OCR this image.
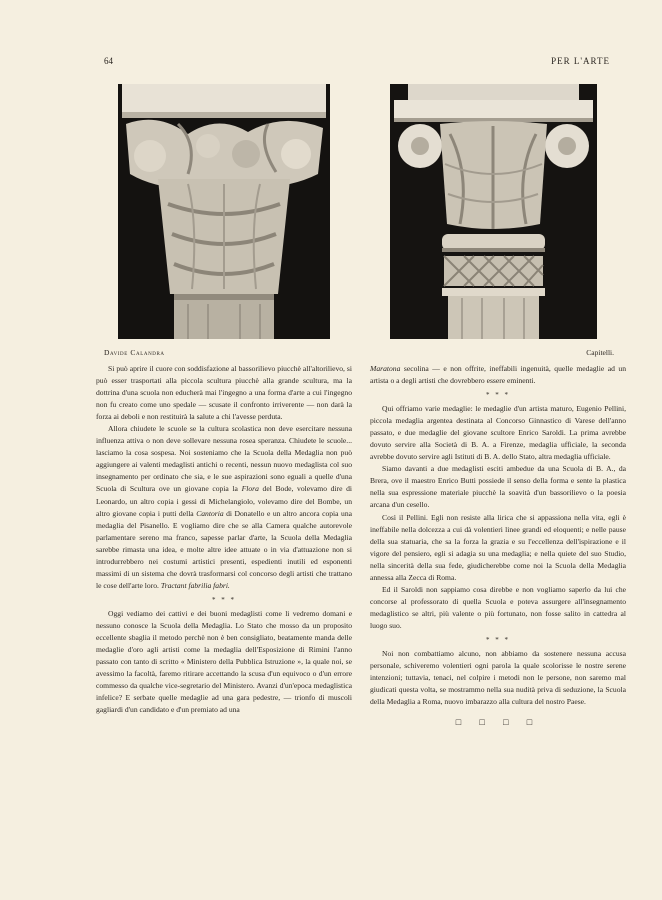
64	PER L'ARTE
Davide Calandra	Capitelli.

Si può aprire il cuore con soddisfazione al bassorilievo piucchè all'altorilievo, si può esser trasportati alla piccola scultura piucchè alla grande scultura, ma la dottrina d'una scuola non educherà mai l'ingegno a una forma d'arte a cui l'ingegno non fu creato come uno spedale — scusate il confronto irriverente — non darà la forza ai deboli e non restituirà la salute a chi l'avesse perduta.

Allora chiudete le scuole se la cultura scolastica non deve esercitare nessuna influenza attiva o non deve sollevare nessuna rosea speranza. Chiudete le scuole... lasciamo la cosa sospesa. Noi sosteniamo che la Scuola della Medaglia non può aggiungere ai valenti medaglisti antichi o recenti, nessun nuovo medaglista col suo insegnamento per ordinato che sia, e le sue aspirazioni sono eguali a quelle d'una Scuola di Scultura ove un giovane copia la Flora del Bode, volevamo dire di Leonardo, un altro copia i gessi di Michelangiolo, volevamo dire del Bombe, un altro giovane copia i putti della Cantoria di Donatello e un altro ancora copia una medaglia del Pisanello. E vogliamo dire che se alla Camera qualche autorevole parlamentare sereno ma franco, sapesse parlar d'arte, la Scuola della Medaglia sarebbe rimasta una idea, e molte altre idee attuate o in via d'attuazione non si introdurrebbero nei costumi artistici presenti, espedienti inutili ed esponenti massimi di un sistema che dovrà trasformarsi col concorso degli artisti che trattano le cose dell'arte loro. Tractant fabrilia fabri.

* * *

Oggi vediamo dei cattivi e dei buoni medaglisti come li vedremo domani e nessuno conosce la Scuola della Medaglia. Lo Stato che mosso da un proposito eccellente sbaglia il metodo perchè non è ben consigliato, beatamente manda delle medaglie d'oro agli artisti come la medaglia dell'Esposizione di Rimini l'anno passato con tanto di scritto « Ministero della Pubblica Istruzione », la quale noi, se avessimo la facoltà, faremo ritirare accettando la scusa d'un equivoco o d'un errore commesso da qualche vice-segretario del Ministero. Avanzi d'un'epoca medaglistica infelice? E serbate quelle medaglie ad una gara pedestre, — trionfo di muscoli gagliardi d'un candidato e d'un premiato ad una

Maratona secolina — e non offrite, ineffabili ingenuità, quelle medaglie ad un artista o a degli artisti che dovrebbero essere eminenti.

* * *

Qui offriamo varie medaglie: le medaglie d'un artista maturo, Eugenio Pellini, piccola medaglia argentea destinata al Concorso Ginnastico di Varese dell'anno passato, e due medaglie del giovane scultore Enrico Saroldi. La prima avrebbe dovuto servire alla Società di B. A. a Firenze, medaglia ufficiale, la seconda avrebbe dovuto servire agli Istituti di B. A. dello Stato, altra medaglia ufficiale.

Siamo davanti a due medaglisti esciti ambedue da una Scuola di B. A., da Brera, ove il maestro Enrico Butti possiede il senso della forma e sente la plastica nella sua espressione materiale piucchè la soavità d'un bassorilievo o la poesia arcana d'un cesello.

Così il Pellini. Egli non resiste alla lirica che si appassiona nella vita, egli è ineffabile nella dolcezza a cui dà volentieri linee grandi ed eloquenti; e nelle pause della sua statuaria, che sa la forza la grazia e su l'eccellenza dell'ispirazione e il vigore del pensiero, egli si adagia su una medaglia; e nella quiete del suo Studio, nella sincerità della sua fede, giudicherebbe come noi la Scuola della Medaglia annessa alla Zecca di Roma.

Ed il Saroldi non sappiamo cosa direbbe e non vogliamo saperlo da lui che concorse al professorato di quella Scuola e poteva assurgere all'insegnamento medaglistico se altri, più valente o più fortunato, non fosse salito in cattedra al luogo suo.

* * *

Noi non combattiamo alcuno, non abbiamo da sostenere nessuna accusa personale, schiveremo volentieri ogni parola la quale scolorisse le nostre serene intenzioni; tuttavia, tenaci, nel colpire i metodi non le persone, non saremo mal giudicati questa volta, se mostrammo nella sua nudità priva di seduzione, la Scuola della Medaglia a Roma, nuovo imbarazzo alla cultura del nostro Paese.

□ □ □ □
